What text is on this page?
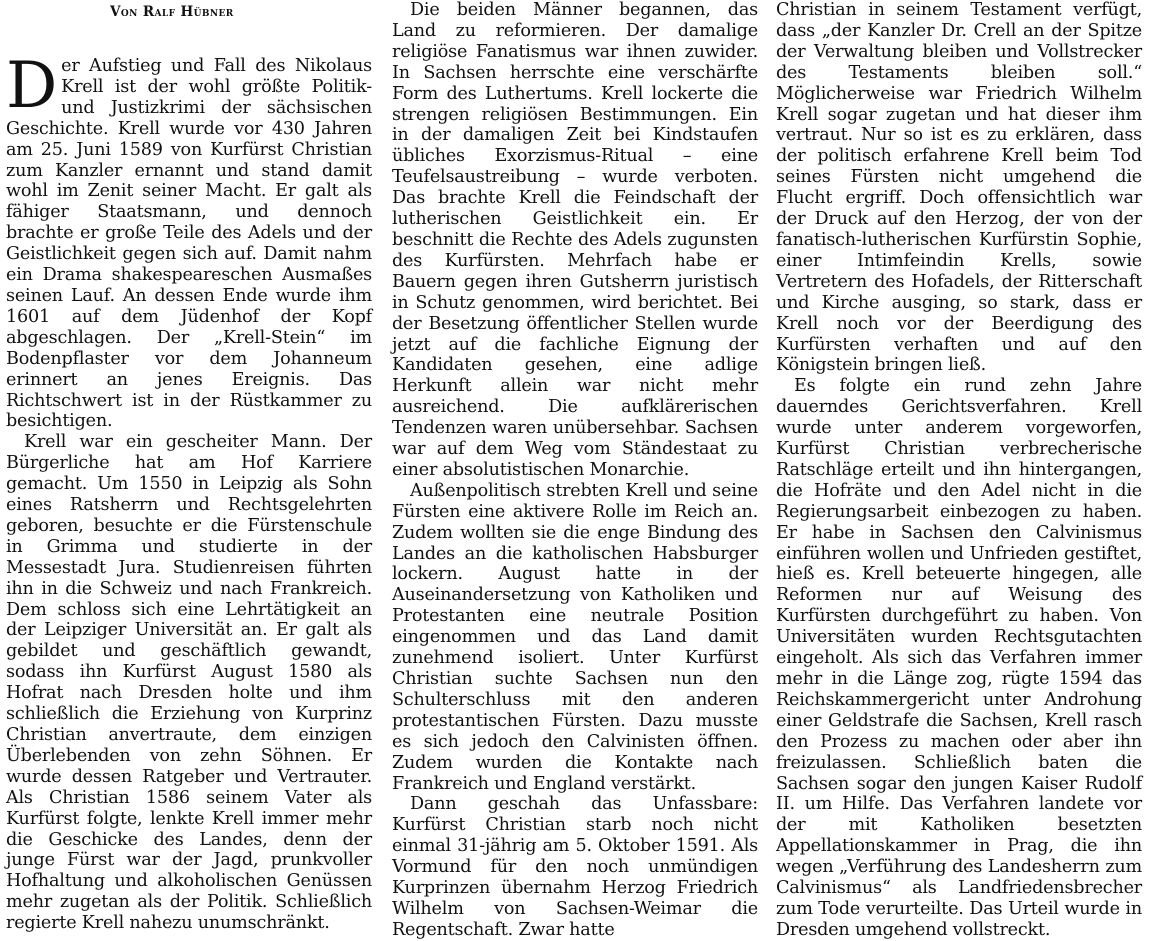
Von Ralf Hübner

Der Aufstieg und Fall des Nikolaus Krell ist der wohl größte Politik- und Justizkrimi der sächsischen Geschichte. Krell wurde vor 430 Jahren am 25. Juni 1589 von Kurfürst Christian zum Kanzler ernannt und stand damit wohl im Zenit seiner Macht. Er galt als fähiger Staatsmann, und dennoch brachte er große Teile des Adels und der Geistlichkeit gegen sich auf. Damit nahm ein Drama shakespeareschen Ausmaßes seinen Lauf. An dessen Ende wurde ihm 1601 auf dem Jüdenhof der Kopf abgeschlagen. Der „Krell-Stein“ im Bodenpflaster vor dem Johanneum erinnert an jenes Ereignis. Das Richtschwert ist in der Rüstkammer zu besichtigen.

Krell war ein gescheiter Mann. Der Bürgerliche hat am Hof Karriere gemacht. Um 1550 in Leipzig als Sohn eines Ratsherrn und Rechtsgelehrten geboren, besuchte er die Fürstenschule in Grimma und studierte in der Messestadt Jura. Studienreisen führten ihn in die Schweiz und nach Frankreich. Dem schloss sich eine Lehrtätigkeit an der Leipziger Universität an. Er galt als gebildet und geschäftlich gewandt, sodass ihn Kurfürst August 1580 als Hofrat nach Dresden holte und ihm schließlich die Erziehung von Kurprinz Christian anvertraute, dem einzigen Überlebenden von zehn Söhnen. Er wurde dessen Ratgeber und Vertrauter. Als Christian 1586 seinem Vater als Kurfürst folgte, lenkte Krell immer mehr die Geschicke des Landes, denn der junge Fürst war der Jagd, prunkvoller Hofhaltung und alkoholischen Genüssen mehr zugetan als der Politik. Schließlich regierte Krell nahezu unumschränkt.

Die beiden Männer begannen, das Land zu reformieren. Der damalige religiöse Fanatismus war ihnen zuwider. In Sachsen herrschte eine verschärfte Form des Luthertums. Krell lockerte die strengen religiösen Bestimmungen. Ein in der damaligen Zeit bei Kindstaufen übliches Exorzismus-Ritual – eine Teufelsaustreibung – wurde verboten. Das brachte Krell die Feindschaft der lutherischen Geistlichkeit ein. Er beschnitt die Rechte des Adels zugunsten des Kurfürsten. Mehrfach habe er Bauern gegen ihren Gutsherrn juristisch in Schutz genommen, wird berichtet. Bei der Besetzung öffentlicher Stellen wurde jetzt auf die fachliche Eignung der Kandidaten gesehen, eine adlige Herkunft allein war nicht mehr ausreichend. Die aufklärerischen Tendenzen waren unübersehbar. Sachsen war auf dem Weg vom Ständestaat zu einer absolutistischen Monarchie.

Außenpolitisch strebten Krell und seine Fürsten eine aktivere Rolle im Reich an. Zudem wollten sie die enge Bindung des Landes an die katholischen Habsburger lockern. August hatte in der Auseinandersetzung von Katholiken und Protestanten eine neutrale Position eingenommen und das Land damit zunehmend isoliert. Unter Kurfürst Christian suchte Sachsen nun den Schulterschluss mit den anderen protestantischen Fürsten. Dazu musste es sich jedoch den Calvinisten öffnen. Zudem wurden die Kontakte nach Frankreich und England verstärkt.

Dann geschah das Unfassbare: Kurfürst Christian starb noch nicht einmal 31-jährig am 5. Oktober 1591. Als Vormund für den noch unmündigen Kurprinzen übernahm Herzog Friedrich Wilhelm von Sachsen-Weimar die Regentschaft. Zwar hatte

Christian in seinem Testament verfügt, dass „der Kanzler Dr. Crell an der Spitze der Verwaltung bleiben und Vollstrecker des Testaments bleiben soll.“ Möglicherweise war Friedrich Wilhelm Krell sogar zugetan und hat dieser ihm vertraut. Nur so ist es zu erklären, dass der politisch erfahrene Krell beim Tod seines Fürsten nicht umgehend die Flucht ergriff. Doch offensichtlich war der Druck auf den Herzog, der von der fanatisch-lutherischen Kurfürstin Sophie, einer Intimfeindin Krells, sowie Vertretern des Hofadels, der Ritterschaft und Kirche ausging, so stark, dass er Krell noch vor der Beerdigung des Kurfürsten verhaften und auf den Königstein bringen ließ.

Es folgte ein rund zehn Jahre dauerndes Gerichtsverfahren. Krell wurde unter anderem vorgeworfen, Kurfürst Christian verbrecherische Ratschläge erteilt und ihn hintergangen, die Hofräte und den Adel nicht in die Regierungsarbeit einbezogen zu haben. Er habe in Sachsen den Calvinismus einführen wollen und Unfrieden gestiftet, hieß es. Krell beteuerte hingegen, alle Reformen nur auf Weisung des Kurfürsten durchgeführt zu haben. Von Universitäten wurden Rechtsgutachten eingeholt. Als sich das Verfahren immer mehr in die Länge zog, rügte 1594 das Reichskammergericht unter Androhung einer Geldstrafe die Sachsen, Krell rasch den Prozess zu machen oder aber ihn freizulassen. Schließlich baten die Sachsen sogar den jungen Kaiser Rudolf II. um Hilfe. Das Verfahren landete vor der mit Katholiken besetzten Appellationskammer in Prag, die ihn wegen „Verführung des Landesherrn zum Calvinismus“ als Landfriedensbrecher zum Tode verurteilte. Das Urteil wurde in Dresden umgehend vollstreckt.
